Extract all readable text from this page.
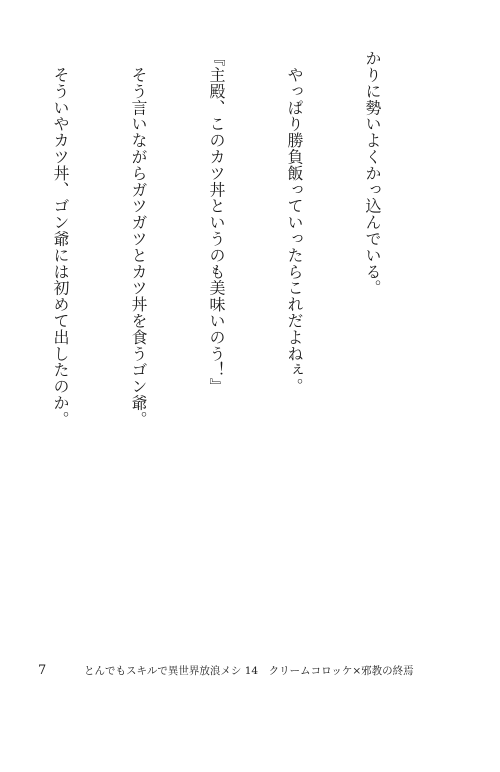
かりに勢いよくかっ込んでいる。

　やっぱり勝負飯っていったらこれだよねぇ。

『主殿、このカツ丼というのも美味いのう！』

　そう言いながらガツガツとカツ丼を食うゴン爺。

　そういやカツ丼、ゴン爺には初めて出したのか。

7	とんでもスキルで異世界放浪メシ 14　クリームコロッケ×邪教の終焉
